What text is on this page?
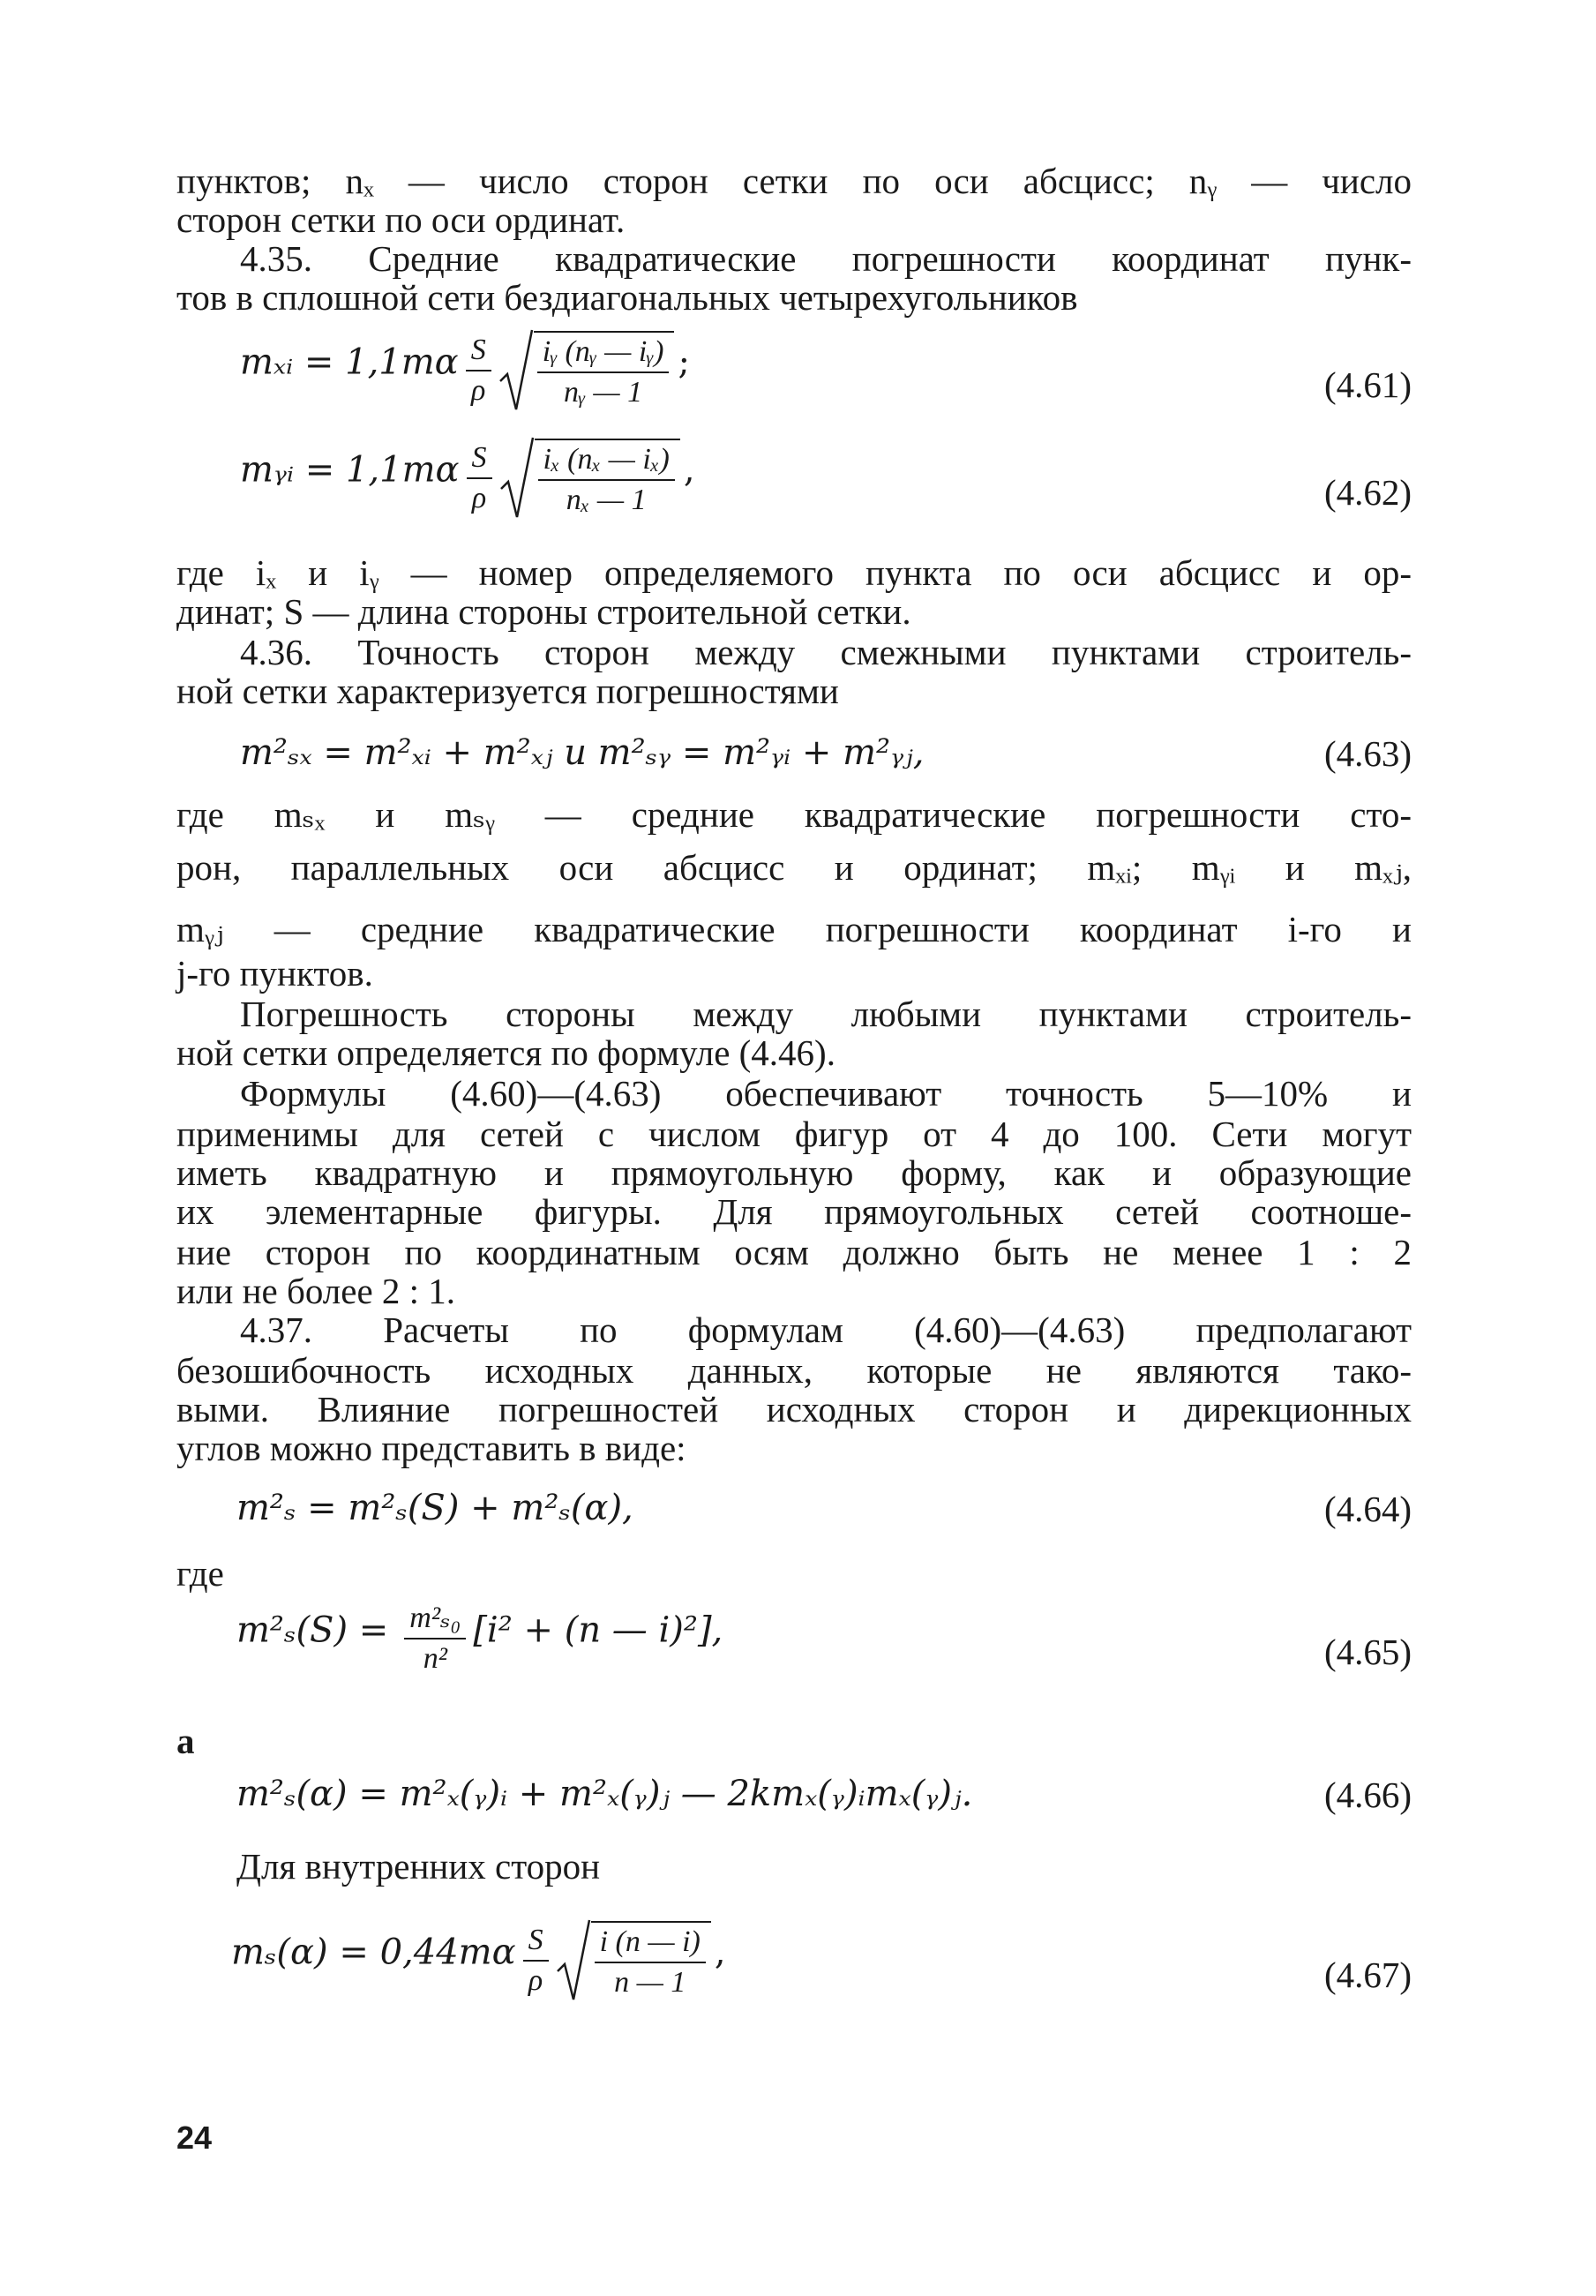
пунктов; nₓ — число сторон сетки по оси абсцисс; nᵧ — число
сторон сетки по оси ординат.
4.35. Средние квадратические погрешности координат пунк-
тов в сплошной сети бездиагональных четырехугольников
mₓᵢ = $1,1m\alpha \frac{S}{\rho}$
$\frac{\text{iᵧ (nᵧ — iᵧ)}}{\text{nᵧ — 1}}$ ;
(4.61)
mᵧᵢ = $1,1m\alpha \frac{S}{\rho}$
$\frac{\text{iₓ (nₓ — iₓ)}}{\text{nₓ — 1}}$ ,
(4.62)
где iₓ и iᵧ — номер определяемого пункта по оси абсцисс и ор-
динат; S — длина стороны строительной сетки.
4.36. Точность сторон между смежными пунктами строитель-
ной сетки характеризуется погрешностями
m²ₛₓ = m²ₓᵢ + m²ₓⱼ и m²ₛᵧ = m²ᵧᵢ + m²ᵧⱼ,	(4.63)
где mₛₓ и mₛᵧ — средние квадратические погрешности сто-
рон, параллельных оси абсцисс и ординат; mₓᵢ; mᵧᵢ и mₓⱼ,
mᵧⱼ — средние квадратические погрешности координат i-го и
j-го пунктов.
Погрешность стороны между любыми пунктами строитель-
ной сетки определяется по формуле (4.46).
Формулы (4.60)—(4.63) обеспечивают точность 5—10% и
применимы для сетей с числом фигур от 4 до 100. Сети могут
иметь квадратную и прямоугольную форму, как и образующие
их элементарные фигуры. Для прямоугольных сетей соотноше-
ние сторон по координатным осям должно быть не менее 1 : 2
или не более 2 : 1.
4.37. Расчеты по формулам (4.60)—(4.63) предполагают
безошибочность исходных данных, которые не являются тако-
выми. Влияние погрешностей исходных сторон и дирекционных
углов можно представить в виде:
m²ₛ = m²ₛ(S) + m²ₛ(α),	(4.64)
где
$m^2_s(S) = \frac{\text{m²ₛ₀}}{\text{n²}} [i^2 + (n$ — i)²],
(4.65)
а
m²ₛ(α) = m²ₓ(ᵧ)ᵢ + m²ₓ(ᵧ)ⱼ — 2kmₓ(ᵧ)ᵢmₓ(ᵧ)ⱼ.	(4.66)
Для внутренних сторон
$m_s(\alpha) = 0,44m\alpha \frac{S}{\rho}$
$\frac{i (n — i)}{n — 1}$ ,
(4.67)
24
